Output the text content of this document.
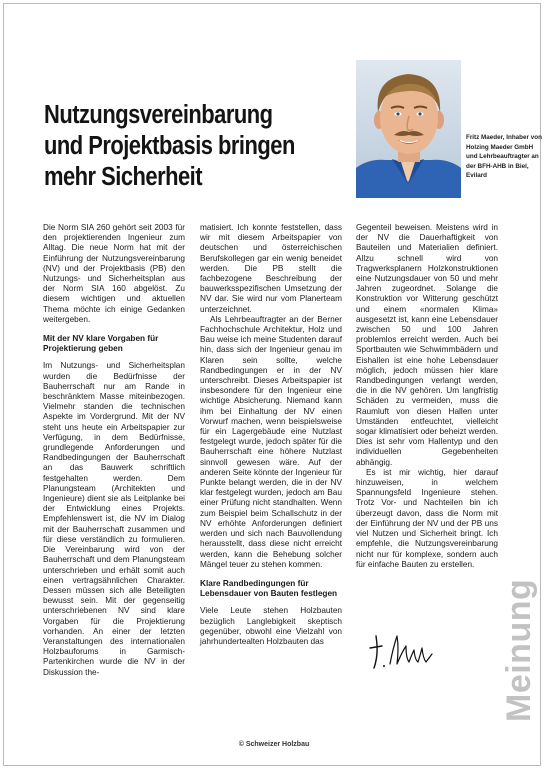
Nutzungsvereinbarung und Projektbasis bringen mehr Sicherheit
Fritz Maeder, Inhaber von Holzing Maeder GmbH und Lehrbeauftragter an der BFH-AHB in Biel, Evilard

Die Norm SIA 260 gehört seit 2003 für den projektierenden Ingenieur zum Alltag. Die neue Norm hat mit der Einführung der Nutzungsvereinbarung (NV) und der Projektbasis (PB) den Nutzungs- und Sicherheitsplan aus der Norm SIA 160 abgelöst. Zu diesem wichtigen und aktuellen Thema möchte ich einige Gedanken weitergeben.

Mit der NV klare Vorgaben für Projektierung geben

Im Nutzungs- und Sicherheitsplan wurden die Bedürfnisse der Bauherrschaft nur am Rande in beschränktem Masse miteinbezogen. Vielmehr standen die technischen Aspekte im Vordergrund. Mit der NV steht uns heute ein Arbeitspapier zur Verfügung, in dem Bedürfnisse, grundlegende Anforderungen und Randbedingungen der Bauherrschaft an das Bauwerk schriftlich festgehalten werden. Dem Planungsteam (Architekten und Ingenieure) dient sie als Leitplanke bei der Entwicklung eines Projekts. Empfehlenswert ist, die NV im Dialog mit der Bauherrschaft zusammen und für diese verständlich zu formulieren. Die Vereinbarung wird von der Bauherrschaft und dem Planungsteam unterschrieben und erhält somit auch einen vertragsähnlichen Charakter. Dessen müssen sich alle Beteiligten bewusst sein. Mit der gegenseitig unterschriebenen NV sind klare Vorgaben für die Projektierung vorhanden. An einer der letzten Veranstaltungen des internationalen Holzbauforums in Garmisch-Partenkirchen wurde die NV in der Diskussion the-

matisiert. Ich konnte feststellen, dass wir mit diesem Arbeitspapier von deutschen und österreichischen Berufskollegen gar ein wenig beneidet werden. Die PB stellt die fachbezogene Beschreibung der bauwerksspezifischen Umsetzung der NV dar. Sie wird nur vom Planerteam unterzeichnet.

Als Lehrbeauftragter an der Berner Fachhochschule Architektur, Holz und Bau weise ich meine Studenten darauf hin, dass sich der Ingenieur genau im Klaren sein sollte, welche Randbedingungen er in der NV unterschreibt. Dieses Arbeitspapier ist insbesondere für den Ingenieur eine wichtige Absicherung. Niemand kann ihm bei Einhaltung der NV einen Vorwurf machen, wenn beispielsweise für ein Lagergebäude eine Nutzlast festgelegt wurde, jedoch später für die Bauherrschaft eine höhere Nutzlast sinnvoll gewesen wäre. Auf der anderen Seite könnte der Ingenieur für Punkte belangt werden, die in der NV klar festgelegt wurden, jedoch am Bau einer Prüfung nicht standhalten. Wenn zum Beispiel beim Schallschutz in der NV erhöhte Anforderungen definiert werden und sich nach Bauvollendung herausstellt, dass diese nicht erreicht werden, kann die Behebung solcher Mängel teuer zu stehen kommen.

Klare Randbedingungen für Lebensdauer von Bauten festlegen

Viele Leute stehen Holzbauten bezüglich Langlebigkeit skeptisch gegenüber, obwohl eine Vielzahl von jahrhundertealten Holzbauten das

Gegenteil beweisen. Meistens wird in der NV die Dauerhaftigkeit von Bauteilen und Materialien definiert. Allzu schnell wird von Tragwerksplanern Holzkonstruktionen eine Nutzungsdauer von 50 und mehr Jahren zugeordnet. Solange die Konstruktion vor Witterung geschützt und einem «normalen Klima» ausgesetzt ist, kann eine Lebensdauer zwischen 50 und 100 Jahren problemlos erreicht werden. Auch bei Sportbauten wie Schwimmbädern und Eishallen ist eine hohe Lebensdauer möglich, jedoch müssen hier klare Randbedingungen verlangt werden, die in die NV gehören. Um langfristig Schäden zu vermeiden, muss die Raumluft von diesen Hallen unter Umständen entfeuchtet, vielleicht sogar klimatisiert oder beheizt werden. Dies ist sehr vom Hallentyp und den individuellen Gegebenheiten abhängig.

Es ist mir wichtig, hier darauf hinzuweisen, in welchem Spannungsfeld Ingenieure stehen. Trotz Vor- und Nachteilen bin ich überzeugt davon, dass die Norm mit der Einführung der NV und der PB uns viel Nutzen und Sicherheit bringt. Ich empfehle, die Nutzungsvereinbarung nicht nur für komplexe, sondern auch für einfache Bauten zu erstellen.

Meinung
© Schweizer Holzbau
